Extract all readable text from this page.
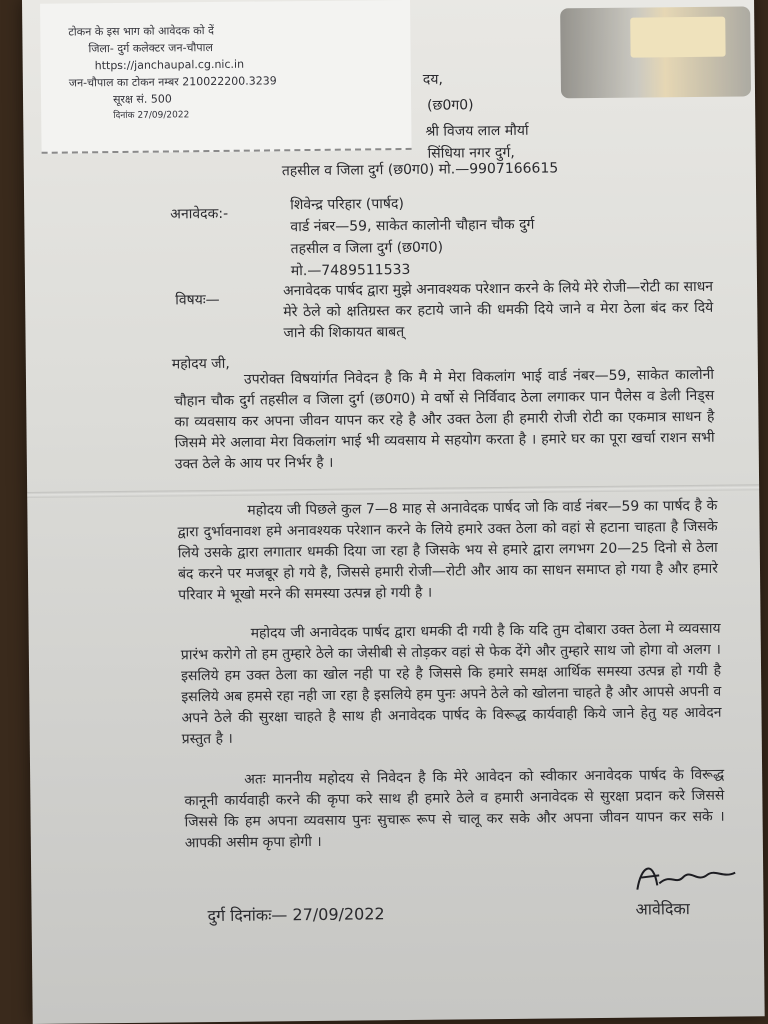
टोकन के इस भाग को आवेदक को दें
जिला- दुर्ग कलेक्टर जन-चौपाल
https://janchaupal.cg.nic.in
जन-चौपाल का टोकन नम्बर 210022200.3239
सूरक्ष सं. 500
दिनांक 27/09/2022
दय,
(छ0ग0)
श्री विजय लाल मौर्या
सिंधिया नगर दुर्ग,
तहसील व जिला दुर्ग (छ0ग0) मो.—9907166615
अनावेदक:-
शिवेन्द्र परिहार (पार्षद)
वार्ड नंबर—59, साकेत कालोनी चौहान चौक दुर्ग
तहसील व जिला दुर्ग (छ0ग0)
मो.—7489511533
विषयः—
अनावेदक पार्षद द्वारा मुझे अनावश्यक परेशान करने के लिये मेरे रोजी—रोटी का साधन मेरे ठेले को क्षतिग्रस्त कर हटाये जाने की धमकी दिये जाने व मेरा ठेला बंद कर दिये जाने की शिकायत बाबत्
महोदय जी,
उपरोक्त विषयांर्गत निवेदन है कि मै मे मेरा विकलांग भाई वार्ड नंबर—59, साकेत कालोनी चौहान चौक दुर्ग तहसील व जिला दुर्ग (छ0ग0) मे वर्षो से निर्विवाद ठेला लगाकर पान पैलेस व डेली निड्स का व्यवसाय कर अपना जीवन यापन कर रहे है और उक्त ठेला ही हमारी रोजी रोटी का एकमात्र साधन है जिसमे मेरे अलावा मेरा विकलांग भाई भी व्यवसाय मे सहयोग करता है । हमारे घर का पूरा खर्चा राशन सभी उक्त ठेले के आय पर निर्भर है ।
महोदय जी पिछले कुल 7—8 माह से अनावेदक पार्षद जो कि वार्ड नंबर—59 का पार्षद है के द्वारा दुर्भावनावश हमे अनावश्यक परेशान करने के लिये हमारे उक्त ठेला को वहां से हटाना चाहता है जिसके लिये उसके द्वारा लगातार धमकी दिया जा रहा है जिसके भय से हमारे द्वारा लगभग 20—25 दिनो से ठेला बंद करने पर मजबूर हो गये है, जिससे हमारी रोजी—रोटी और आय का साधन समाप्त हो गया है और हमारे परिवार मे भूखो मरने की समस्या उत्पन्न हो गयी है ।
महोदय जी अनावेदक पार्षद द्वारा धमकी दी गयी है कि यदि तुम दोबारा उक्त ठेला मे व्यवसाय प्रारंभ करोगे तो हम तुम्हारे ठेले का जेसीबी से तोड़कर वहां से फेक देंगे और तुम्हारे साथ जो होगा वो अलग । इसलिये हम उक्त ठेला का खोल नही पा रहे है जिससे कि हमारे समक्ष आर्थिक समस्या उत्पन्न हो गयी है इसलिये अब हमसे रहा नही जा रहा है इसलिये हम पुनः अपने ठेले को खोलना चाहते है और आपसे अपनी व अपने ठेले की सुरक्षा चाहते है साथ ही अनावेदक पार्षद के विरूद्ध कार्यवाही किये जाने हेतु यह आवेदन प्रस्तुत है ।
अतः माननीय महोदय से निवेदन है कि मेरे आवेदन को स्वीकार अनावेदक पार्षद के विरूद्ध कानूनी कार्यवाही करने की कृपा करे साथ ही हमारे ठेले व हमारी अनावेदक से सुरक्षा प्रदान करे जिससे जिससे कि हम अपना व्यवसाय पुनः सुचारू रूप से चालू कर सके और अपना जीवन यापन कर सके । आपकी असीम कृपा होगी ।
दुर्ग दिनांकः— 27/09/2022	आवेदिका
